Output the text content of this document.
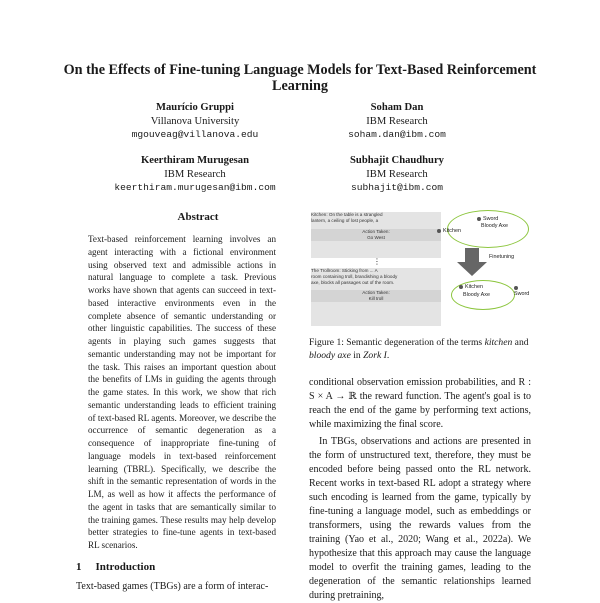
On the Effects of Fine-tuning Language Models for Text-Based Reinforcement Learning
Maurício Gruppi
Villanova University
mgouveag@villanova.edu
Soham Dan
IBM Research
soham.dan@ibm.com
Keerthiram Murugesan
IBM Research
keerthiram.murugesan@ibm.com
Subhajit Chaudhury
IBM Research
subhajit@ibm.com
Abstract
Text-based reinforcement learning involves an agent interacting with a fictional environment using observed text and admissible actions in natural language to complete a task. Previous works have shown that agents can succeed in text-based interactive environments even in the complete absence of semantic understanding or other linguistic capabilities. The success of these agents in playing such games suggests that semantic understanding may not be important for the task. This raises an important question about the benefits of LMs in guiding the agents through the game states. In this work, we show that rich semantic understanding leads to efficient training of text-based RL agents. Moreover, we describe the occurrence of semantic degeneration as a consequence of inappropriate fine-tuning of language models in text-based reinforcement learning (TBRL). Specifically, we describe the shift in the semantic representation of words in the LM, as well as how it affects the performance of the agent in tasks that are semantically similar to the training games. These results may help develop better strategies to fine-tune agents in text-based RL scenarios.
1 Introduction
Text-based games (TBGs) are a form of interac-
Kitchen: On the table is a strangled
lantern, a ceiling of lost people, a
Action Taken:
Go West
⋮
The Trollroom: Sticking from ... A
room containing troll, brandishing a bloody
axe, blocks all passages out of the room.
Action Taken:
Kill troll
Kitchen
Sword
Bloody Axe
Finetuning
Kitchen
Bloody Axe	Sword
Figure 1: Semantic degeneration of the terms kitchen and bloody axe in Zork I.

conditional observation emission probabilities, and R : S × A → ℝ the reward function. The agent's goal is to reach the end of the game by performing text actions, while maximizing the final score.

In TBGs, observations and actions are presented in the form of unstructured text, therefore, they must be encoded before being passed onto the RL network. Recent works in text-based RL adopt a strategy where such encoding is learned from the game, typically by fine-tuning a language model, such as embeddings or transformers, using the rewards values from the training (Yao et al., 2020; Wang et al., 2022a). We hypothesize that this approach may cause the language model to overfit the training games, leading to the degeneration of the semantic relationships learned during pretraining,
